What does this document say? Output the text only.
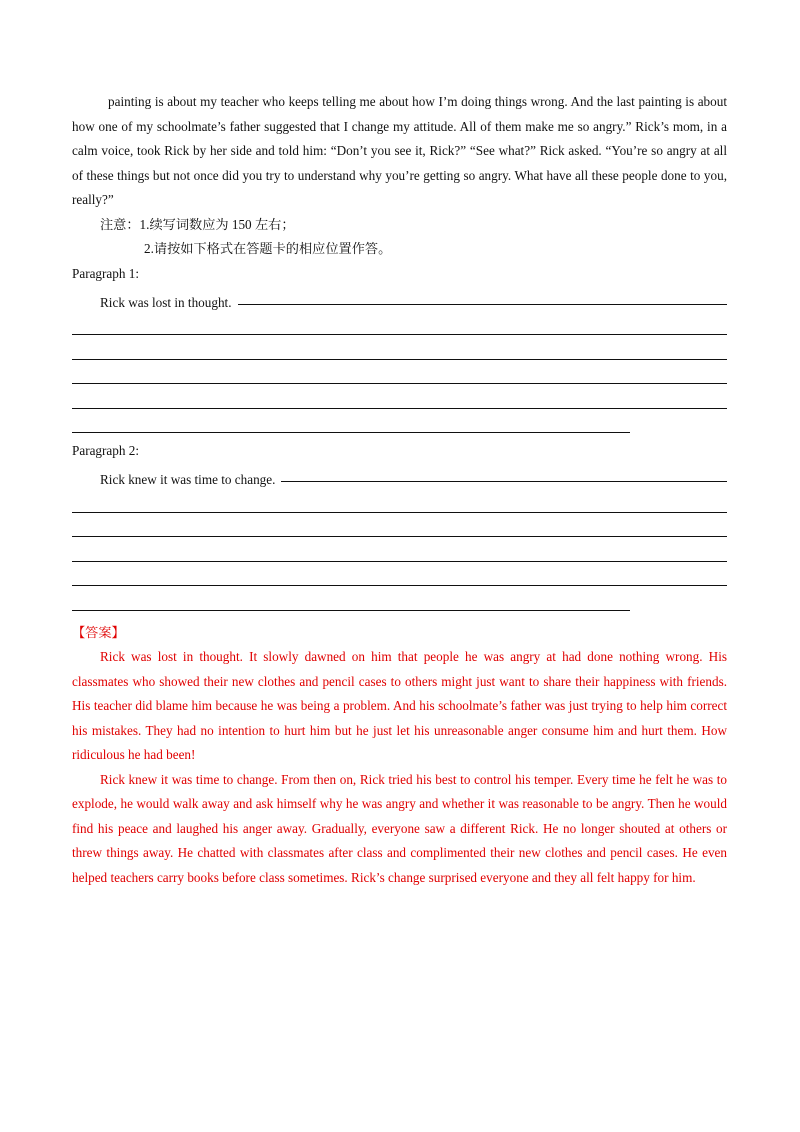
painting is about my teacher who keeps telling me about how I’m doing things wrong. And the last painting is about how one of my schoolmate’s father suggested that I change my attitude. All of them make me so angry.” Rick’s mom, in a calm voice, took Rick by her side and told him: “Don’t you see it, Rick?” “See what?” Rick asked. “You’re so angry at all of these things but not once did you try to understand why you’re getting so angry. What have all these people done to you, really?”

注意：1.续写词数应为 150 左右；

2.请按如下格式在答题卡的相应位置作答。

Paragraph 1:

Rick was lost in thought.

Paragraph 2:

Rick knew it was time to change.

【答案】

Rick was lost in thought. It slowly dawned on him that people he was angry at had done nothing wrong. His classmates who showed their new clothes and pencil cases to others might just want to share their happiness with friends. His teacher did blame him because he was being a problem. And his schoolmate’s father was just trying to help him correct his mistakes. They had no intention to hurt him but he just let his unreasonable anger consume him and hurt them. How ridiculous he had been!

Rick knew it was time to change. From then on, Rick tried his best to control his temper. Every time he felt he was to explode, he would walk away and ask himself why he was angry and whether it was reasonable to be angry. Then he would find his peace and laughed his anger away. Gradually, everyone saw a different Rick. He no longer shouted at others or threw things away. He chatted with classmates after class and complimented their new clothes and pencil cases. He even helped teachers carry books before class sometimes. Rick’s change surprised everyone and they all felt happy for him.
